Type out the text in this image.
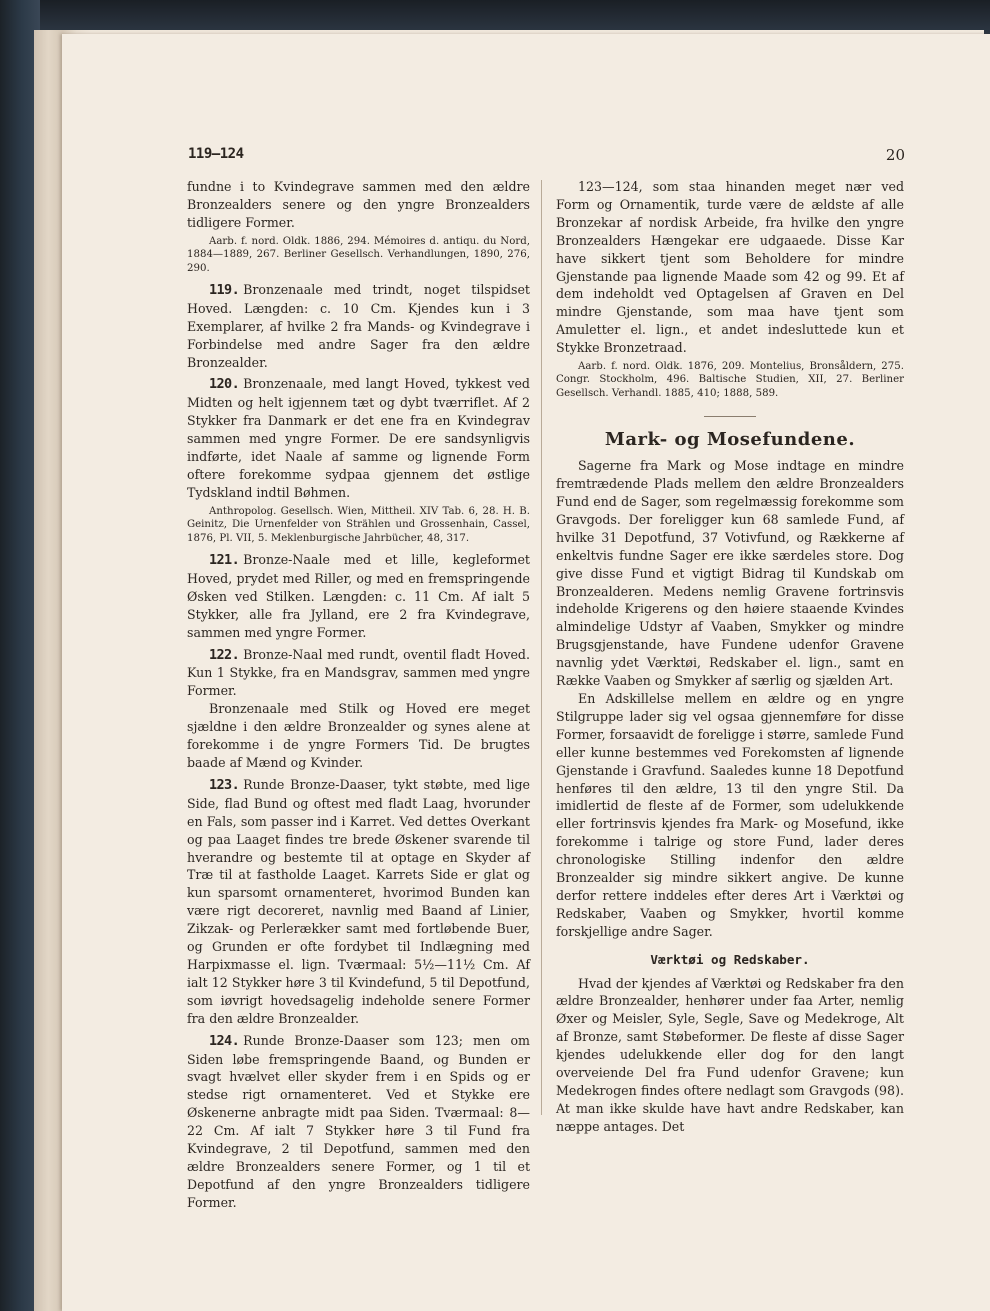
119—124	20

fundne i to Kvindegrave sammen med den ældre Bronzealders senere og den yngre Bronzealders tidligere Former.

Aarb. f. nord. Oldk. 1886, 294. Mémoires d. antiqu. du Nord, 1884—1889, 267. Berliner Gesellsch. Verhandlungen, 1890, 276, 290.

119. Bronzenaale med trindt, noget tilspidset Hoved. Længden: c. 10 Cm. Kjendes kun i 3 Exemplarer, af hvilke 2 fra Mands- og Kvindegrave i Forbindelse med andre Sager fra den ældre Bronzealder.

120. Bronzenaale, med langt Hoved, tykkest ved Midten og helt igjennem tæt og dybt tværriflet. Af 2 Stykker fra Danmark er det ene fra en Kvindegrav sammen med yngre Former. De ere sandsynligvis indførte, idet Naale af samme og lignende Form oftere forekomme sydpaa gjennem det østlige Tydskland indtil Bøhmen.

Anthropolog. Gesellsch. Wien, Mittheil. XIV Tab. 6, 28. H. B. Geinitz, Die Urnenfelder von Strählen und Grossenhain, Cassel, 1876, Pl. VII, 5. Meklenburgische Jahrbücher, 48, 317.

121. Bronze-Naale med et lille, kegleformet Hoved, prydet med Riller, og med en fremspringende Øsken ved Stilken. Længden: c. 11 Cm. Af ialt 5 Stykker, alle fra Jylland, ere 2 fra Kvindegrave, sammen med yngre Former.

122. Bronze-Naal med rundt, oventil fladt Hoved. Kun 1 Stykke, fra en Mandsgrav, sammen med yngre Former.

Bronzenaale med Stilk og Hoved ere meget sjældne i den ældre Bronzealder og synes alene at forekomme i de yngre Formers Tid. De brugtes baade af Mænd og Kvinder.

123. Runde Bronze-Daaser, tykt støbte, med lige Side, flad Bund og oftest med fladt Laag, hvorunder en Fals, som passer ind i Karret. Ved dettes Overkant og paa Laaget findes tre brede Øskener svarende til hverandre og bestemte til at optage en Skyder af Træ til at fastholde Laaget. Karrets Side er glat og kun sparsomt ornamenteret, hvorimod Bunden kan være rigt decoreret, navnlig med Baand af Linier, Zikzak- og Perlerækker samt med fortløbende Buer, og Grunden er ofte fordybet til Indlægning med Harpixmasse el. lign. Tværmaal: 5½—11½ Cm. Af ialt 12 Stykker høre 3 til Kvindefund, 5 til Depotfund, som iøvrigt hovedsagelig indeholde senere Former fra den ældre Bronzealder.

124. Runde Bronze-Daaser som 123; men om Siden løbe fremspringende Baand, og Bunden er svagt hvælvet eller skyder frem i en Spids og er stedse rigt ornamenteret. Ved et Stykke ere Øskenerne anbragte midt paa Siden. Tværmaal: 8—22 Cm. Af ialt 7 Stykker høre 3 til Fund fra Kvindegrave, 2 til Depotfund, sammen med den ældre Bronzealders senere Former, og 1 til et Depotfund af den yngre Bronzealders tidligere Former.

123—124, som staa hinanden meget nær ved Form og Ornamentik, turde være de ældste af alle Bronzekar af nordisk Arbeide, fra hvilke den yngre Bronzealders Hængekar ere udgaaede. Disse Kar have sikkert tjent som Beholdere for mindre Gjenstande paa lignende Maade som 42 og 99. Et af dem indeholdt ved Optagelsen af Graven en Del mindre Gjenstande, som maa have tjent som Amuletter el. lign., et andet indesluttede kun et Stykke Bronzetraad.

Aarb. f. nord. Oldk. 1876, 209. Montelius, Bronsåldern, 275. Congr. Stockholm, 496. Baltische Studien, XII, 27. Berliner Gesellsch. Verhandl. 1885, 410; 1888, 589.

Mark- og Mosefundene.

Sagerne fra Mark og Mose indtage en mindre fremtrædende Plads mellem den ældre Bronzealders Fund end de Sager, som regelmæssig forekomme som Gravgods. Der foreligger kun 68 samlede Fund, af hvilke 31 Depotfund, 37 Votivfund, og Rækkerne af enkeltvis fundne Sager ere ikke særdeles store. Dog give disse Fund et vigtigt Bidrag til Kundskab om Bronzealderen. Medens nemlig Gravene fortrinsvis indeholde Krigerens og den høiere staaende Kvindes almindelige Udstyr af Vaaben, Smykker og mindre Brugsgjenstande, have Fundene udenfor Gravene navnlig ydet Værktøi, Redskaber el. lign., samt en Række Vaaben og Smykker af særlig og sjælden Art.

En Adskillelse mellem en ældre og en yngre Stilgruppe lader sig vel ogsaa gjennemføre for disse Former, forsaavidt de foreligge i større, samlede Fund eller kunne bestemmes ved Forekomsten af lignende Gjenstande i Gravfund. Saaledes kunne 18 Depotfund henføres til den ældre, 13 til den yngre Stil. Da imidlertid de fleste af de Former, som udelukkende eller fortrinsvis kjendes fra Mark- og Mosefund, ikke forekomme i talrige og store Fund, lader deres chronologiske Stilling indenfor den ældre Bronzealder sig mindre sikkert angive. De kunne derfor rettere inddeles efter deres Art i Værktøi og Redskaber, Vaaben og Smykker, hvortil komme forskjellige andre Sager.

Værktøi og Redskaber.

Hvad der kjendes af Værktøi og Redskaber fra den ældre Bronzealder, henhører under faa Arter, nemlig Øxer og Meisler, Syle, Segle, Save og Medekroge, Alt af Bronze, samt Støbeformer. De fleste af disse Sager kjendes udelukkende eller dog for den langt overveiende Del fra Fund udenfor Gravene; kun Medekrogen findes oftere nedlagt som Gravgods (98). At man ikke skulde have havt andre Redskaber, kan næppe antages. Det
